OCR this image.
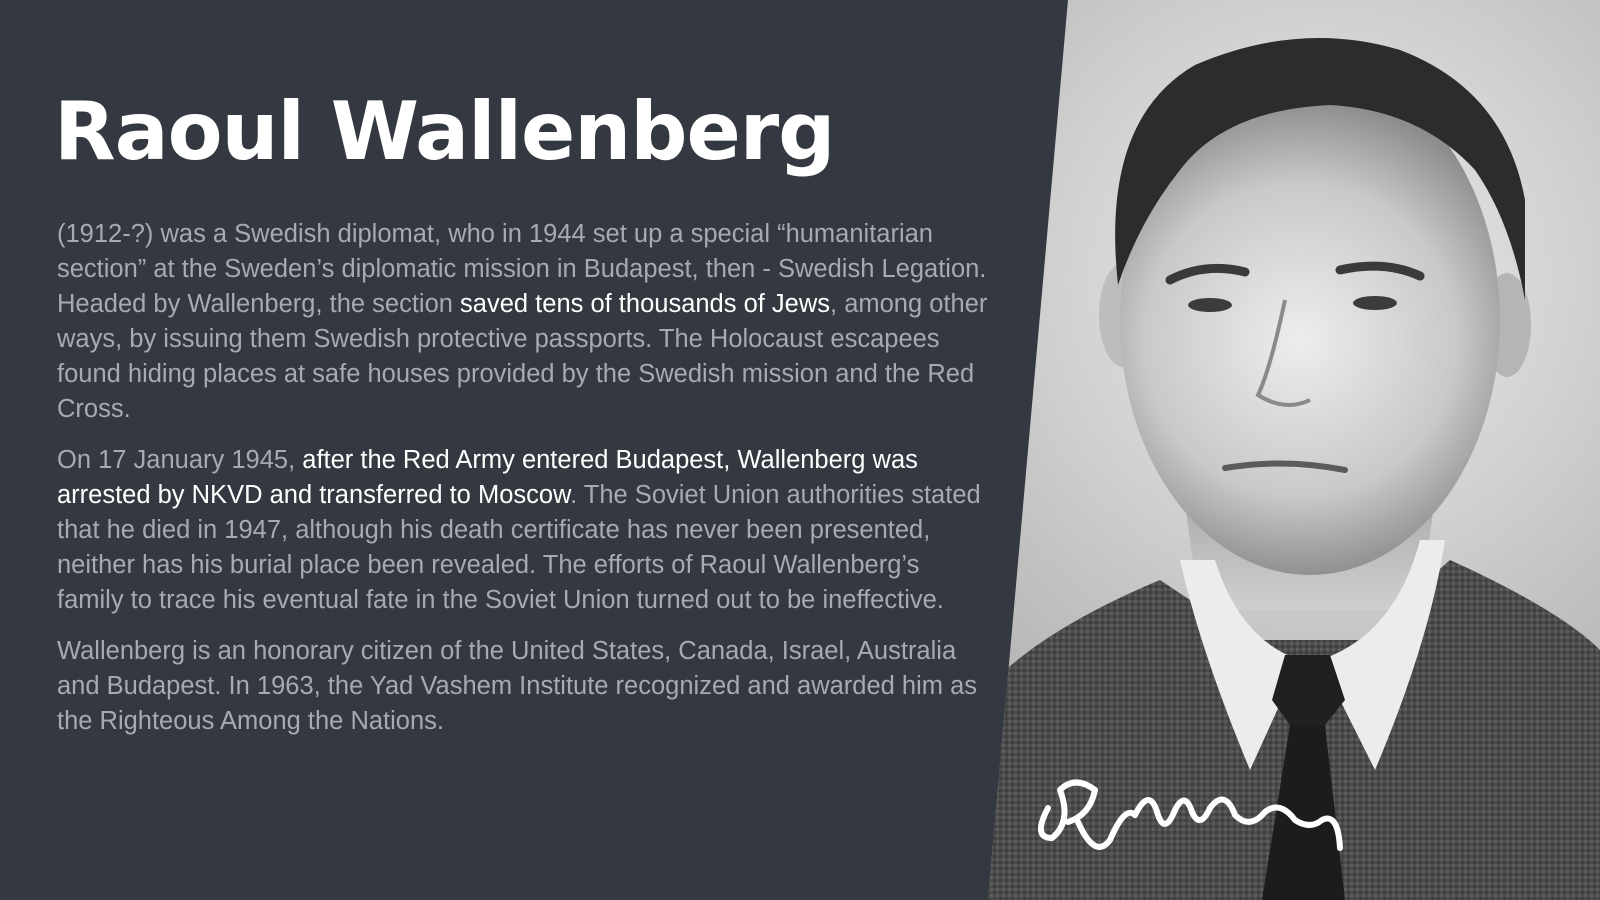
Raoul Wallenberg

(1912-?) was a Swedish diplomat, who in 1944 set up a special “humanitarian section” at the Sweden’s diplomatic mission in Budapest, then - Swedish Legation. Headed by Wallenberg, the section saved tens of thousands of Jews, among other ways, by issuing them Swedish protective passports. The Holocaust escapees found hiding places at safe houses provided by the Swedish mission and the Red Cross.

On 17 January 1945, after the Red Army entered Budapest, Wallenberg was arrested by NKVD and transferred to Moscow. The Soviet Union authorities stated that he died in 1947, although his death certificate has never been presented, neither has his burial place been revealed. The efforts of Raoul Wallenberg’s family to trace his eventual fate in the Soviet Union turned out to be ineffective.

Wallenberg is an honorary citizen of the United States, Canada, Israel, Australia and Budapest. In 1963, the Yad Vashem Institute recognized and awarded him as the Righteous Among the Nations.
